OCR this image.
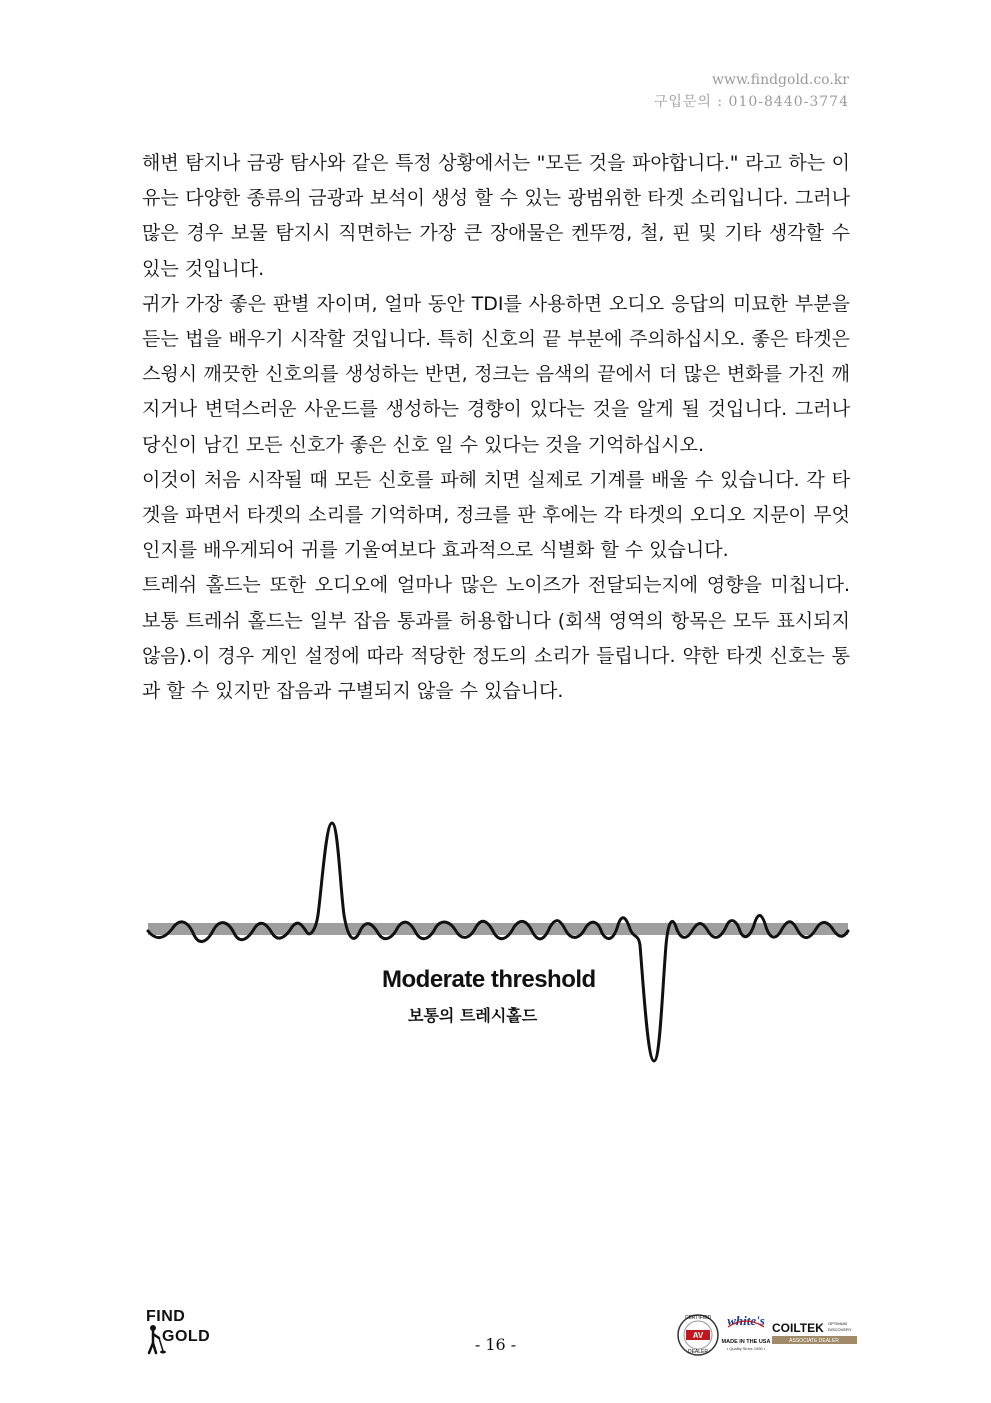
www.findgold.co.kr
구입문의 : 010-8440-3774

해변 탐지나 금광 탐사와 같은 특정 상황에서는 "모든 것을 파야합니다." 라고 하는 이유는 다양한 종류의 금광과 보석이 생성 할 수 있는 광범위한 타겟 소리입니다. 그러나 많은 경우 보물 탐지시 직면하는 가장 큰 장애물은 켄뚜껑, 철, 핀 및 기타 생각할 수 있는 것입니다.

귀가 가장 좋은 판별 자이며, 얼마 동안 TDI를 사용하면 오디오 응답의 미묘한 부분을 듣는 법을 배우기 시작할 것입니다. 특히 신호의 끝 부분에 주의하십시오. 좋은 타겟은 스윙시 깨끗한 신호의를 생성하는 반면, 정크는 음색의 끝에서 더 많은 변화를 가진 깨지거나 변덕스러운 사운드를 생성하는 경향이 있다는 것을 알게 될 것입니다. 그러나 당신이 남긴 모든 신호가 좋은 신호 일 수 있다는 것을 기억하십시오.

이것이 처음 시작될 때 모든 신호를 파헤 치면 실제로 기계를 배울 수 있습니다. 각 타겟을 파면서 타겟의 소리를 기억하며, 정크를 판 후에는 각 타겟의 오디오 지문이 무엇인지를 배우게되어 귀를 기울여보다 효과적으로 식별화 할 수 있습니다.

트레쉬 홀드는 또한 오디오에 얼마나 많은 노이즈가 전달되는지에 영향을 미칩니다. 보통 트레쉬 홀드는 일부 잡음 통과를 허용합니다 (회색 영역의 항목은 모두 표시되지 않음).이 경우 게인 설정에 따라 적당한 정도의 소리가 들립니다. 약한 타겟 신호는 통과 할 수 있지만 잡음과 구별되지 않을 수 있습니다.

Moderate threshold
보통의 트레시홀드
FIND
GOLD	- 16 -
CERTIFIED
AV
DEALER
white's
MADE IN THE USA
• Quality Since 1950 •
COILTEK OPTIMUM
DISCOVERY
ASSOCIATE DEALER
